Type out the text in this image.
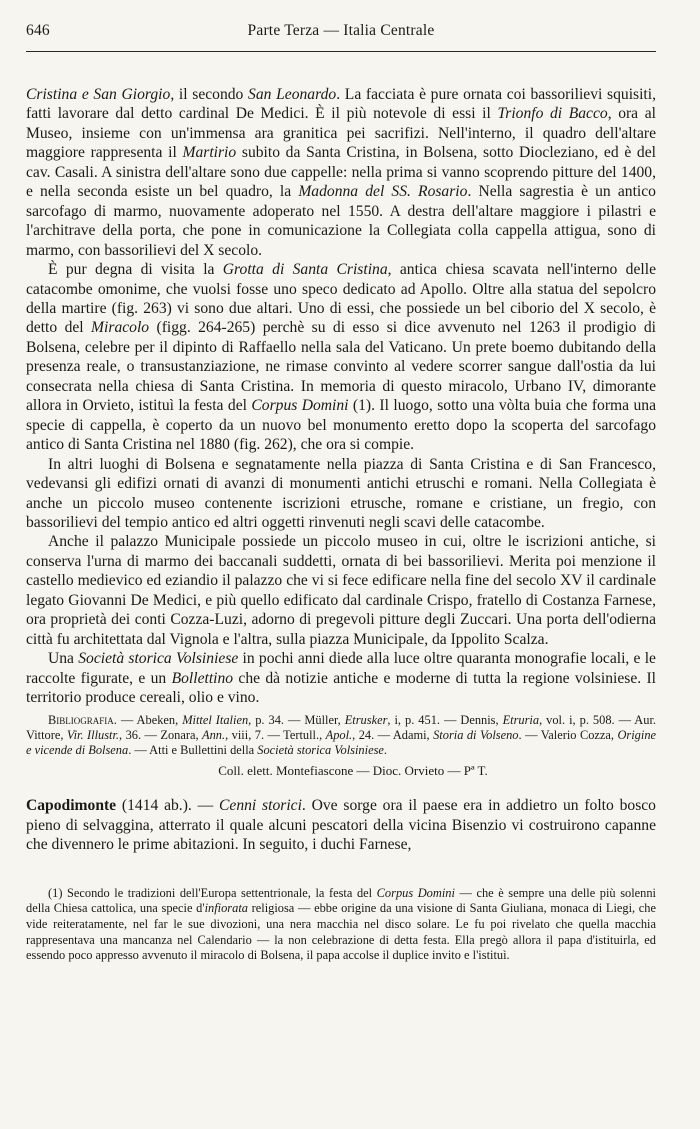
646	Parte Terza — Italia Centrale

Cristina e San Giorgio, il secondo San Leonardo. La facciata è pure ornata coi bassorilievi squisiti, fatti lavorare dal detto cardinal De Medici. È il più notevole di essi il Trionfo di Bacco, ora al Museo, insieme con un'immensa ara granitica pei sacrifizi. Nell'interno, il quadro dell'altare maggiore rappresenta il Martirio subito da Santa Cristina, in Bolsena, sotto Diocleziano, ed è del cav. Casali. A sinistra dell'altare sono due cappelle: nella prima si vanno scoprendo pitture del 1400, e nella seconda esiste un bel quadro, la Madonna del SS. Rosario. Nella sagrestia è un antico sarcofago di marmo, nuovamente adoperato nel 1550. A destra dell'altare maggiore i pilastri e l'architrave della porta, che pone in comunicazione la Collegiata colla cappella attigua, sono di marmo, con bassorilievi del X secolo.

È pur degna di visita la Grotta di Santa Cristina, antica chiesa scavata nell'interno delle catacombe omonime, che vuolsi fosse uno speco dedicato ad Apollo. Oltre alla statua del sepolcro della martire (fig. 263) vi sono due altari. Uno di essi, che possiede un bel ciborio del X secolo, è detto del Miracolo (figg. 264-265) perchè su di esso si dice avvenuto nel 1263 il prodigio di Bolsena, celebre per il dipinto di Raffaello nella sala del Vaticano. Un prete boemo dubitando della presenza reale, o transustanziazione, ne rimase convinto al vedere scorrer sangue dall'ostia da lui consecrata nella chiesa di Santa Cristina. In memoria di questo miracolo, Urbano IV, dimorante allora in Orvieto, istituì la festa del Corpus Domini (1). Il luogo, sotto una vòlta buia che forma una specie di cappella, è coperto da un nuovo bel monumento eretto dopo la scoperta del sarcofago antico di Santa Cristina nel 1880 (fig. 262), che ora si compie.

In altri luoghi di Bolsena e segnatamente nella piazza di Santa Cristina e di San Francesco, vedevansi gli edifizi ornati di avanzi di monumenti antichi etruschi e romani. Nella Collegiata è anche un piccolo museo contenente iscrizioni etrusche, romane e cristiane, un fregio, con bassorilievi del tempio antico ed altri oggetti rinvenuti negli scavi delle catacombe.

Anche il palazzo Municipale possiede un piccolo museo in cui, oltre le iscrizioni antiche, si conserva l'urna di marmo dei baccanali suddetti, ornata di bei bassorilievi. Merita poi menzione il castello medievico ed eziandio il palazzo che vi si fece edificare nella fine del secolo XV il cardinale legato Giovanni De Medici, e più quello edificato dal cardinale Crispo, fratello di Costanza Farnese, ora proprietà dei conti Cozza-Luzi, adorno di pregevoli pitture degli Zuccari. Una porta dell'odierna città fu architettata dal Vignola e l'altra, sulla piazza Municipale, da Ippolito Scalza.

Una Società storica Volsiniese in pochi anni diede alla luce oltre quaranta monografie locali, e le raccolte figurate, e un Bollettino che dà notizie antiche e moderne di tutta la regione volsiniese. Il territorio produce cereali, olio e vino.

Bibliografia. — Abeken, Mittel Italien, p. 34. — Müller, Etrusker, i, p. 451. — Dennis, Etruria, vol. i, p. 508. — Aur. Vittore, Vir. Illustr., 36. — Zonara, Ann., viii, 7. — Tertull., Apol., 24. — Adami, Storia di Volseno. — Valerio Cozza, Origine e vicende di Bolsena. — Atti e Bullettini della Società storica Volsiniese.
Coll. elett. Montefiascone — Dioc. Orvieto — Pª T.

Capodimonte (1414 ab.). — Cenni storici. Ove sorge ora il paese era in addietro un folto bosco pieno di selvaggina, atterrato il quale alcuni pescatori della vicina Bisenzio vi costruirono capanne che divennero le prime abitazioni. In seguito, i duchi Farnese,

(1) Secondo le tradizioni dell'Europa settentrionale, la festa del Corpus Domini — che è sempre una delle più solenni della Chiesa cattolica, una specie d'infiorata religiosa — ebbe origine da una visione di Santa Giuliana, monaca di Liegi, che vide reiteratamente, nel far le sue divozioni, una nera macchia nel disco solare. Le fu poi rivelato che quella macchia rappresentava una mancanza nel Calendario — la non celebrazione di detta festa. Ella pregò allora il papa d'istituirla, ed essendo poco appresso avvenuto il miracolo di Bolsena, il papa accolse il duplice invito e l'istituì.
